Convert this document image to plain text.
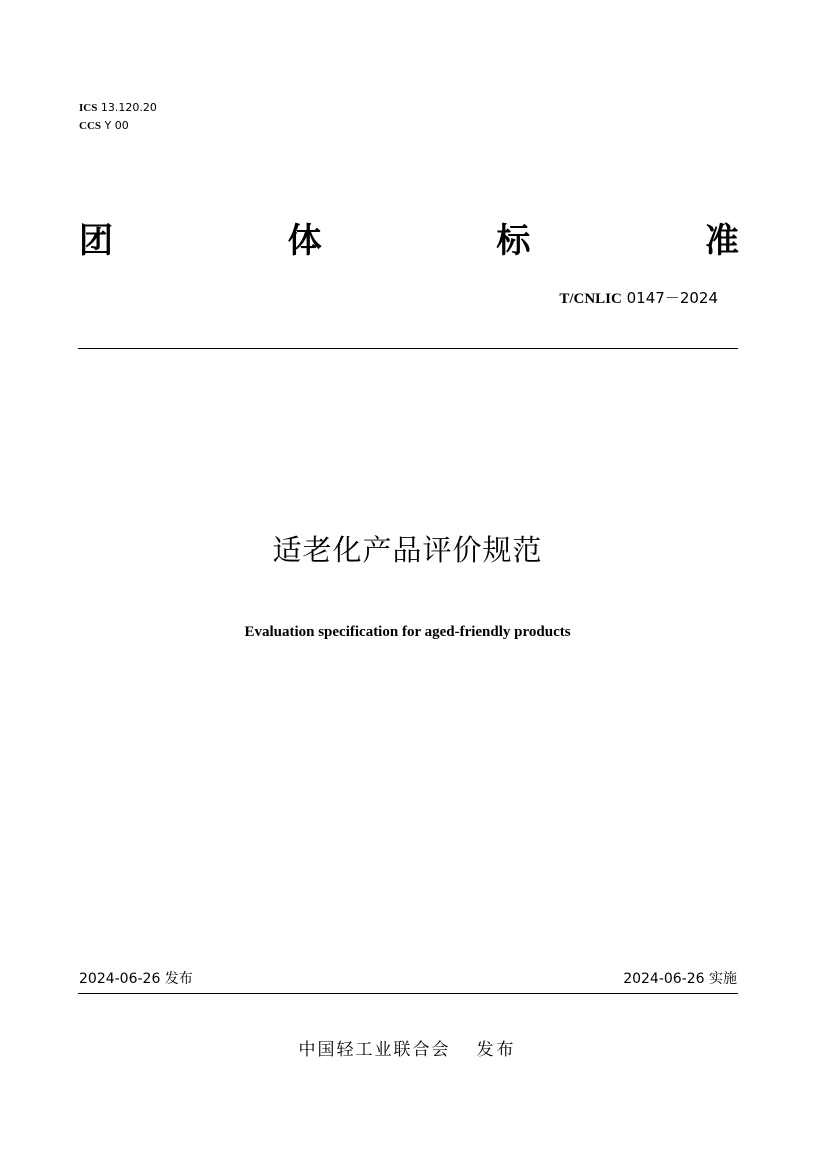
ICS 13.120.20
CCS Y 00
团	体	标	准
T/CNLIC 0147－2024
适老化产品评价规范
Evaluation specification for aged-friendly products
2024-06-26 发布	2024-06-26 实施
中国轻工业联合会 发布
